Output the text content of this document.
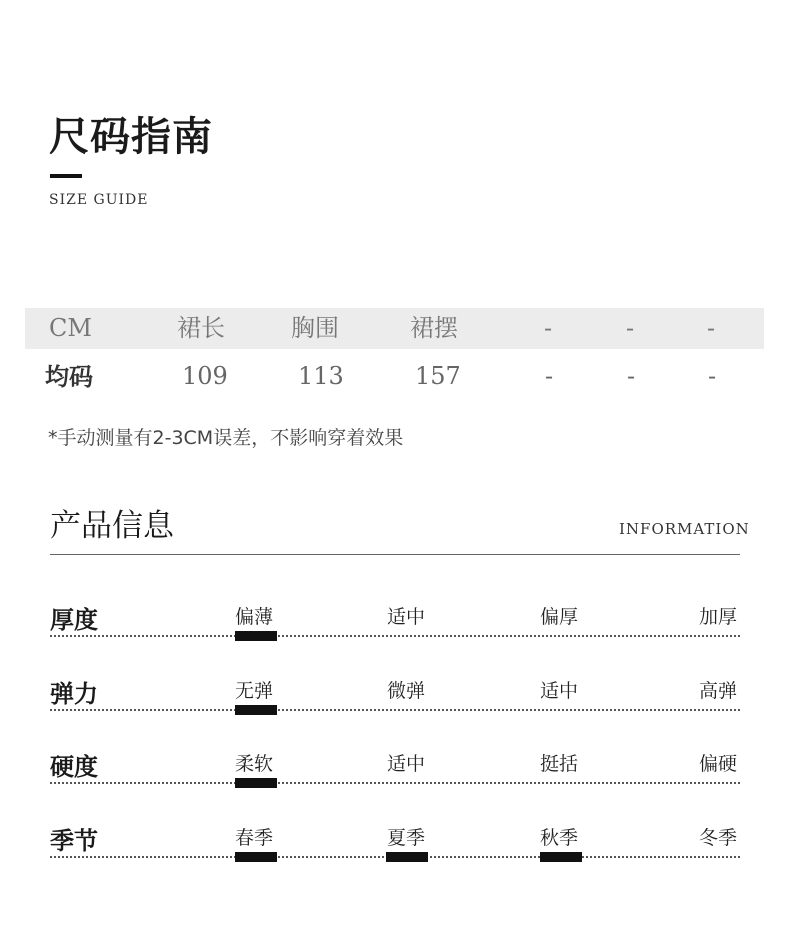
尺码指南
SIZE GUIDE
CM	裙长	胸围	裙摆	-	-	-
均码	109	113	157	-	-	-
*手动测量有2-3CM误差，不影响穿着效果
产品信息	INFORMATION
厚度	偏薄	适中	偏厚	加厚
弹力	无弹	微弹	适中	高弹
硬度	柔软	适中	挺括	偏硬
季节	春季	夏季	秋季	冬季
